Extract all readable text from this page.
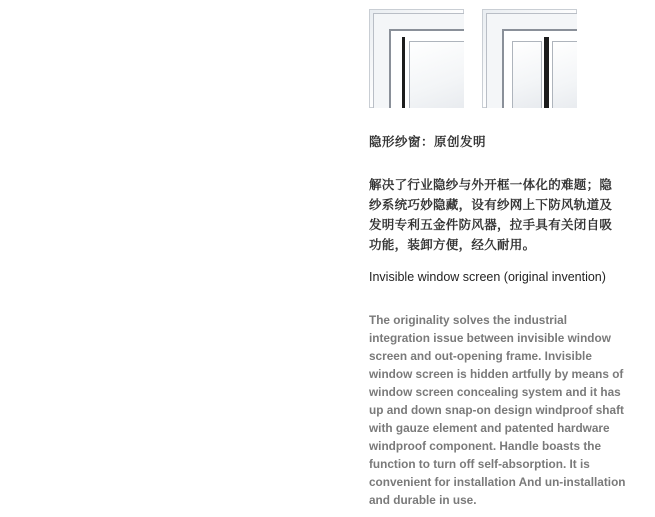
隐形纱窗：原创发明
解决了行业隐纱与外开框一体化的难题；隐纱系统巧妙隐藏，设有纱网上下防风轨道及发明专利五金件防风器，拉手具有关闭自吸功能，装卸方便，经久耐用。
Invisible window screen (original invention)
The originality solves the industrial integration issue between invisible window screen and out-opening frame. Invisible window screen is hidden artfully by means of window screen concealing system and it has up and down snap-on design windproof shaft with gauze element and patented hardware windproof component. Handle boasts the function to turn off self-absorption. It is convenient for installation And un-installation and durable in use.
